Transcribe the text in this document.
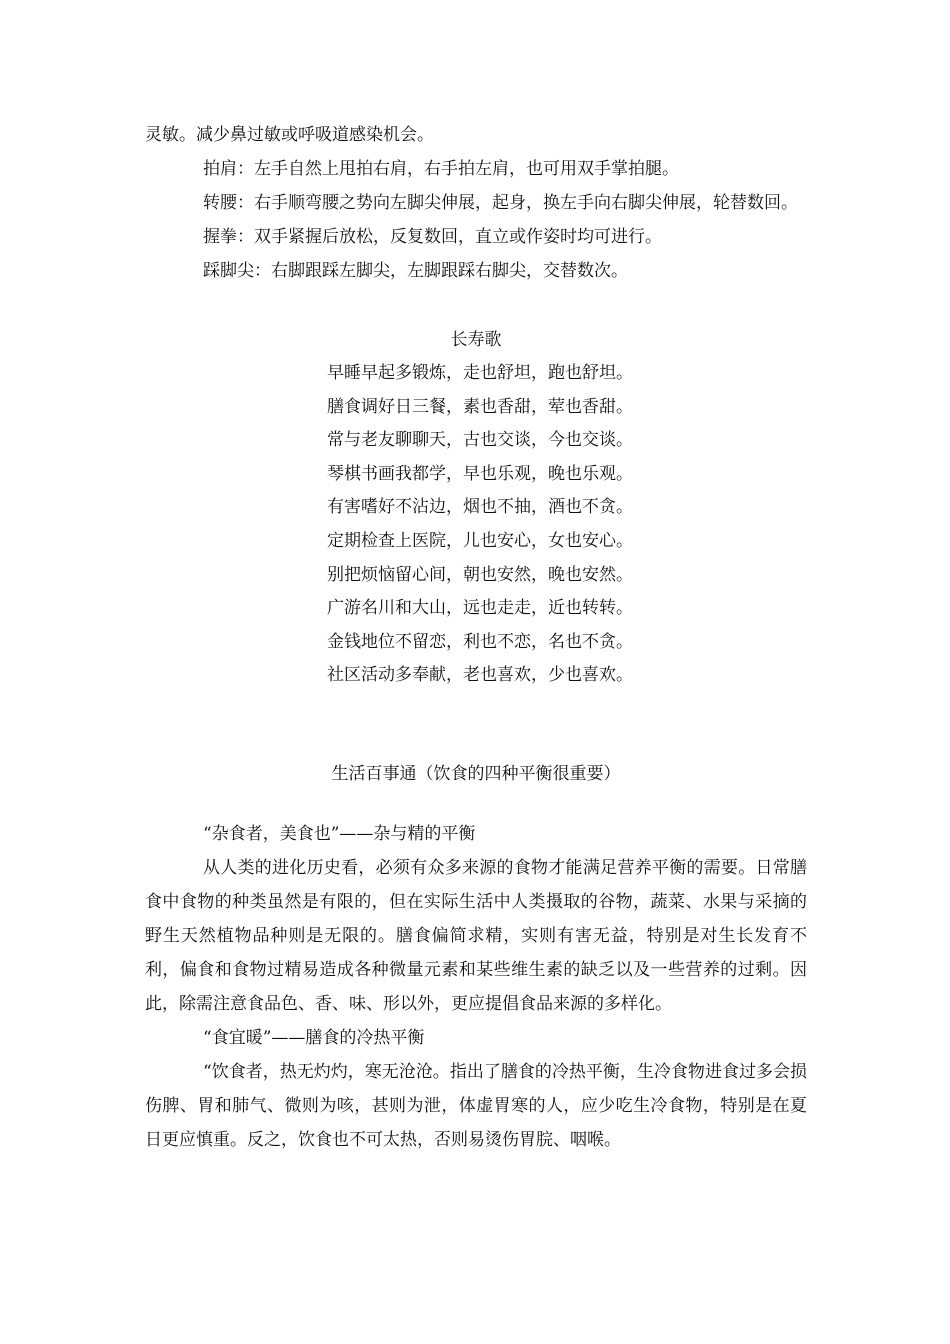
灵敏。减少鼻过敏或呼吸道感染机会。

拍肩：左手自然上甩拍右肩，右手拍左肩，也可用双手掌拍腿。

转腰：右手顺弯腰之势向左脚尖伸展，起身，换左手向右脚尖伸展，轮替数回。

握拳：双手紧握后放松，反复数回，直立或作姿时均可进行。

踩脚尖：右脚跟踩左脚尖，左脚跟踩右脚尖，交替数次。

长寿歌

早睡早起多锻炼，走也舒坦，跑也舒坦。

膳食调好日三餐，素也香甜，荤也香甜。

常与老友聊聊天，古也交谈，今也交谈。

琴棋书画我都学，早也乐观，晚也乐观。

有害嗜好不沾边，烟也不抽，酒也不贪。

定期检查上医院，儿也安心，女也安心。

别把烦恼留心间，朝也安然，晚也安然。

广游名川和大山，远也走走，近也转转。

金钱地位不留恋，利也不恋，名也不贪。

社区活动多奉献，老也喜欢，少也喜欢。

生活百事通（饮食的四种平衡很重要）

“杂食者，美食也”——杂与精的平衡

从人类的进化历史看，必须有众多来源的食物才能满足营养平衡的需要。日常膳食中食物的种类虽然是有限的，但在实际生活中人类摄取的谷物，蔬菜、水果与采摘的野生天然植物品种则是无限的。膳食偏简求精，实则有害无益，特别是对生长发育不利，偏食和食物过精易造成各种微量元素和某些维生素的缺乏以及一些营养的过剩。因此，除需注意食品色、香、味、形以外，更应提倡食品来源的多样化。

“食宜暖”——膳食的冷热平衡

“饮食者，热无灼灼，寒无沧沧。指出了膳食的冷热平衡，生冷食物进食过多会损伤脾、胃和肺气、微则为咳，甚则为泄，体虚胃寒的人，应少吃生冷食物，特别是在夏日更应慎重。反之，饮食也不可太热，否则易烫伤胃脘、咽喉。
